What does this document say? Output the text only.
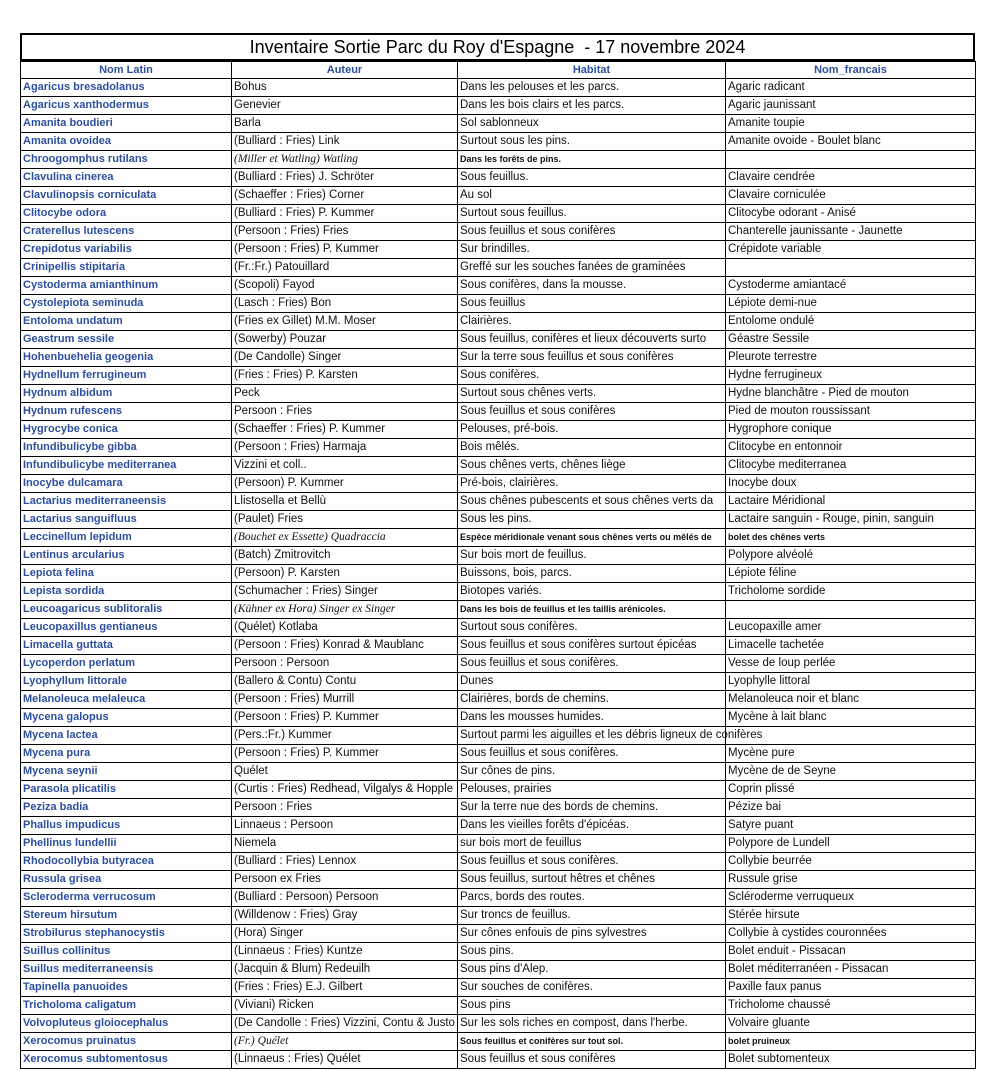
Inventaire Sortie Parc du Roy d'Espagne  - 17 novembre 2024
Nom Latin	Auteur	Habitat	Nom_francais
Agaricus bresadolanus	Bohus	Dans les pelouses et les parcs.	Agaric radicant
Agaricus xanthodermus	Genevier	Dans les bois clairs et les parcs.	Agaric jaunissant
Amanita boudieri	Barla	Sol sablonneux	Amanite toupie
Amanita ovoidea	(Bulliard : Fries) Link	Surtout sous les pins.	Amanite ovoide - Boulet blanc
Chroogomphus rutilans	(Miller et Watling) Watling	Dans les forêts de pins.	
Clavulina cinerea	(Bulliard : Fries) J. Schröter	Sous feuillus.	Clavaire cendrée
Clavulinopsis corniculata	(Schaeffer : Fries) Corner	Au sol	Clavaire corniculée
Clitocybe odora	(Bulliard : Fries) P. Kummer	Surtout sous feuillus.	Clitocybe odorant - Anisé
Craterellus lutescens	(Persoon : Fries) Fries	Sous feuillus et sous conifères	Chanterelle jaunissante - Jaunette
Crepidotus variabilis	(Persoon : Fries) P. Kummer	Sur brindilles.	Crépidote variable
Crinipellis stipitaria	(Fr.:Fr.) Patouillard	Greffé sur les souches fanées de graminées	
Cystoderma amianthinum	(Scopoli) Fayod	Sous conifères, dans la mousse.	Cystoderme amiantacé
Cystolepiota seminuda	(Lasch : Fries) Bon	Sous feuillus	Lépiote demi-nue
Entoloma undatum	(Fries ex Gillet) M.M. Moser	Clairières.	Entolome ondulé
Geastrum sessile	(Sowerby) Pouzar	Sous feuillus, conifères et lieux découverts surto	Géastre Sessile
Hohenbuehelia geogenia	(De Candolle) Singer	Sur la terre sous feuillus et sous conifères	Pleurote terrestre
Hydnellum ferrugineum	(Fries : Fries) P. Karsten	Sous conifères.	Hydne ferrugineux
Hydnum albidum	Peck	Surtout sous chênes verts.	Hydne blanchâtre - Pied de mouton
Hydnum rufescens	Persoon : Fries	Sous feuillus et sous conifères	Pied de mouton roussissant
Hygrocybe conica	(Schaeffer : Fries) P. Kummer	Pelouses, pré-bois.	Hygrophore conique
Infundibulicybe gibba	(Persoon : Fries) Harmaja	Bois mêlés.	Clitocybe en entonnoir
Infundibulicybe mediterranea	Vizzini et coll..	Sous chênes verts, chênes liège	Clitocybe mediterranea
Inocybe dulcamara	(Persoon) P. Kummer	Pré-bois, clairières.	Inocybe doux
Lactarius mediterraneensis	Llistosella et Bellù	Sous chênes pubescents et sous chênes verts da	Lactaire Méridional
Lactarius sanguifluus	(Paulet) Fries	Sous les pins.	Lactaire sanguin - Rouge, pinin, sanguin
Leccinellum lepidum	(Bouchet ex Essette) Quadraccia	Espèce méridionale venant sous chênes verts ou mêlés de	bolet des chênes verts
Lentinus arcularius	(Batch) Zmitrovitch	Sur bois mort de feuillus.	Polypore alvéolé
Lepiota felina	(Persoon) P. Karsten	Buissons, bois, parcs.	Lépiote féline
Lepista sordida	(Schumacher : Fries) Singer	Biotopes variés.	Tricholome sordide
Leucoagaricus sublitoralis	(Kühner ex Hora) Singer ex Singer	Dans les bois de feuillus et les taillis arénicoles.	
Leucopaxillus gentianeus	(Quélet) Kotlaba	Surtout sous conifères.	Leucopaxille amer
Limacella guttata	(Persoon : Fries) Konrad & Maublanc	Sous feuillus et sous conifères surtout épicéas	Limacelle tachetée
Lycoperdon perlatum	Persoon : Persoon	Sous feuillus et sous conifères.	Vesse de loup perlée
Lyophyllum littorale	(Ballero & Contu) Contu	Dunes	Lyophylle littoral
Melanoleuca melaleuca	(Persoon : Fries) Murrill	Clairières, bords de chemins.	Melanoleuca noir et blanc
Mycena galopus	(Persoon : Fries) P. Kummer	Dans les mousses humides.	Mycène à lait blanc
Mycena lactea	(Pers.:Fr.) Kummer	Surtout parmi les aiguilles et les débris ligneux de conifères	
Mycena pura	(Persoon : Fries) P. Kummer	Sous feuillus et sous conifères.	Mycène pure
Mycena seynii	Quélet	Sur cônes de pins.	Mycène de de Seyne
Parasola plicatilis	(Curtis : Fries) Redhead, Vilgalys & Hopple	Pelouses, prairies	Coprin plissé
Peziza badia	Persoon : Fries	Sur la terre nue des bords de chemins.	Pézize bai
Phallus impudicus	Linnaeus : Persoon	Dans les vieilles forêts d'épicéas.	Satyre puant
Phellinus lundellii	Niemela	sur bois mort de feuillus	Polypore de Lundell
Rhodocollybia butyracea	(Bulliard : Fries) Lennox	Sous feuillus et sous conifères.	Collybie beurrée
Russula grisea	Persoon ex Fries	Sous feuillus, surtout hêtres et chênes	Russule grise
Scleroderma verrucosum	(Bulliard : Persoon) Persoon	Parcs, bords des routes.	Scléroderme verruqueux
Stereum hirsutum	(Willdenow : Fries) Gray	Sur troncs de feuillus.	Stérée hirsute
Strobilurus stephanocystis	(Hora) Singer	Sur cônes enfouis de pins sylvestres	Collybie à cystides couronnées
Suillus collinitus	(Linnaeus : Fries) Kuntze	Sous pins.	Bolet enduit - Pissacan
Suillus mediterraneensis	(Jacquin & Blum) Redeuilh	Sous pins d'Alep.	Bolet méditerranéen - Pissacan
Tapinella panuoides	(Fries : Fries) E.J. Gilbert	Sur souches de conifères.	Paxille faux panus
Tricholoma caligatum	(Viviani) Ricken	Sous pins	Tricholome chaussé
Volvopluteus gloiocephalus	(De Candolle : Fries) Vizzini, Contu & Justo	Sur les sols riches en compost, dans l'herbe.	Volvaire gluante
Xerocomus pruinatus	(Fr.) Quélet	Sous feuillus et conifères sur tout sol.	bolet pruineux
Xerocomus subtomentosus	(Linnaeus : Fries) Quélet	Sous feuillus et sous conifères	Bolet subtomenteux
